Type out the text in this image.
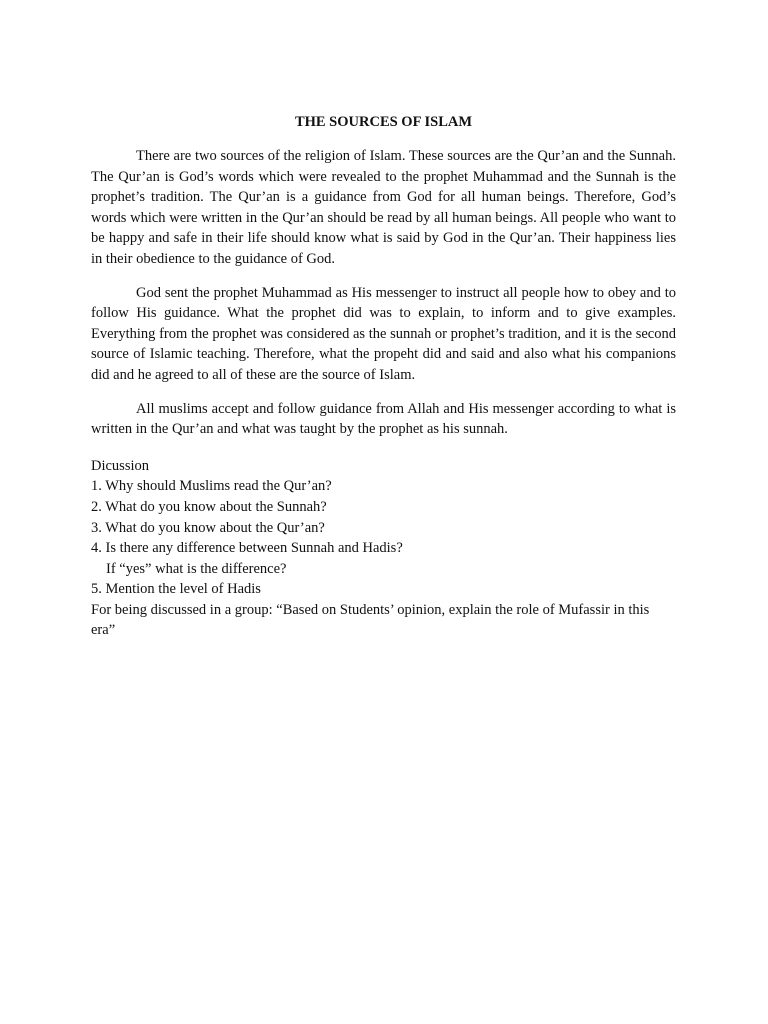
THE SOURCES OF ISLAM

There are two sources of the religion of Islam. These sources are the Qur’an and the Sunnah. The Qur’an is God’s words which were revealed to the prophet Muhammad and the Sunnah is the prophet’s tradition. The Qur’an is a guidance from God for all human beings. Therefore, God’s words which were written in the Qur’an should be read by all human beings. All people who want to be happy and safe in their life should know what is said by God in the Qur’an. Their happiness lies in their obedience to the guidance of God.

God sent the prophet Muhammad as His messenger to instruct all people how to obey and to follow His guidance. What the prophet did was to explain, to inform and to give examples. Everything from the prophet was considered as the sunnah or prophet’s tradition, and it is the second source of Islamic teaching. Therefore, what the propeht did and said and also what his companions did and he agreed to all of these are the source of Islam.

All muslims accept and follow guidance from Allah and His messenger according to what is written in the Qur’an and what was taught by the prophet as his sunnah.

Dicussion
1. Why should Muslims read the Qur’an?
2. What do you know about the Sunnah?
3. What do you know about the Qur’an?
4. Is there any difference between Sunnah and Hadis?
If “yes” what is the difference?
5. Mention the level of Hadis
For being discussed in a group: “Based on Students’ opinion, explain the role of Mufassir in this era”
